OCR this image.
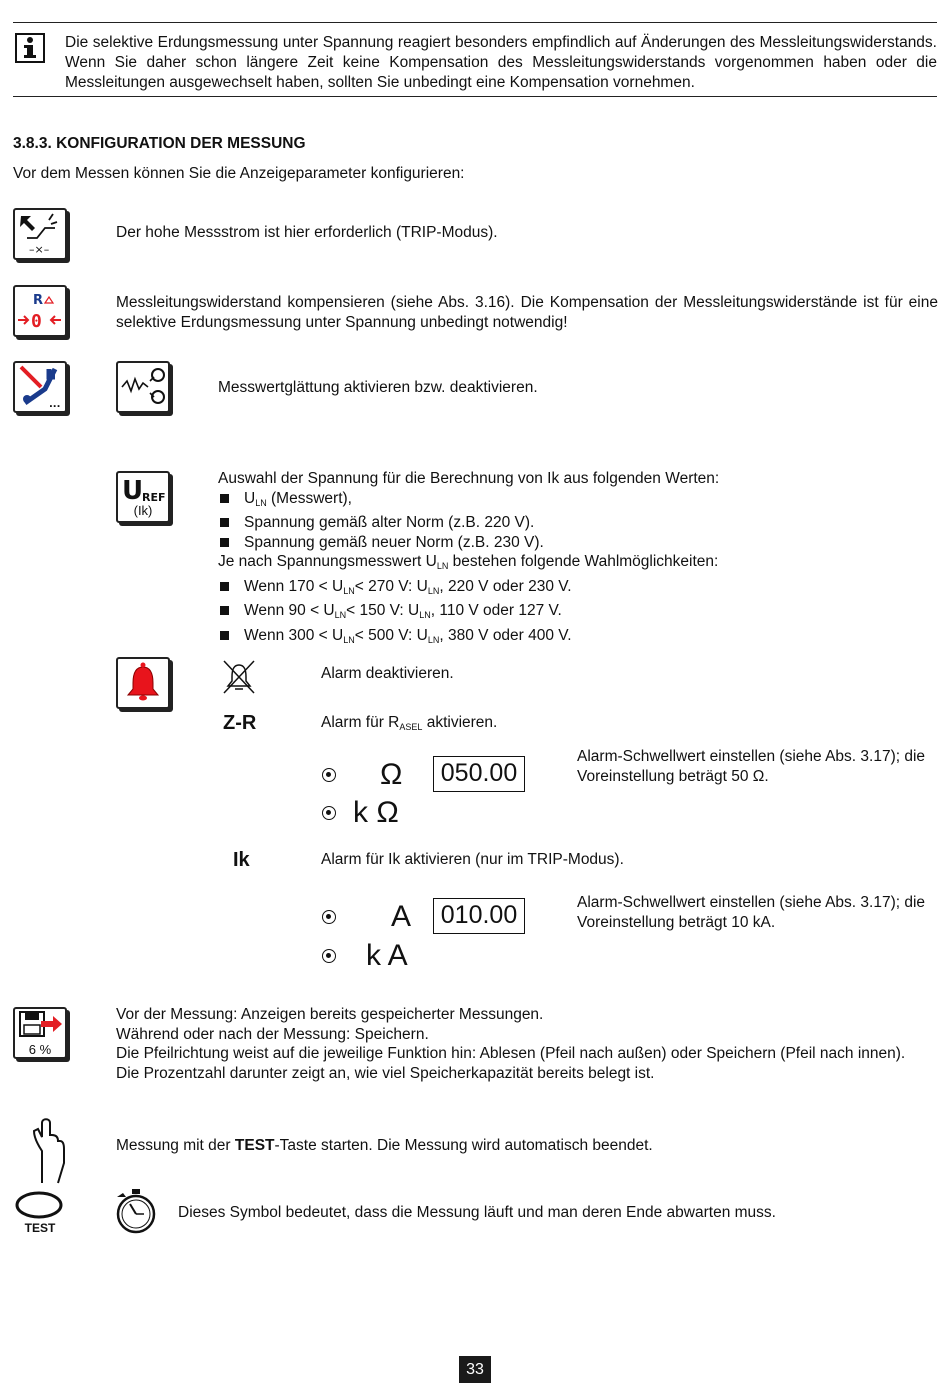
Die selektive Erdungsmessung unter Spannung reagiert besonders empfindlich auf Änderungen des Messleitungswiderstands. Wenn Sie daher schon längere Zeit keine Kompensation des Messleitungswiderstands vorgenommen haben oder die Messleitungen ausgewechselt haben, sollten Sie unbedingt eine Kompensation vornehmen.
3.8.3. KONFIGURATION DER MESSUNG
Vor dem Messen können Sie die Anzeigeparameter konfigurieren:
–×–
Der hohe Messstrom ist hier erforderlich (TRIP-Modus).
R
0
Messleitungswiderstand kompensieren (siehe Abs. 3.16). Die Kompensation der Messleitungswiderstände ist für eine selektive Erdungsmessung unter Spannung unbedingt notwendig!
...
Messwertglättung aktivieren bzw. deaktivieren.
U
REF
(Ik)
Auswahl der Spannung für die Berechnung von Ik aus folgenden Werten:
$U_{LN}$ (Messwert),
Spannung gemäß alter Norm (z.B. 220 V).
Spannung gemäß neuer Norm (z.B. 230 V).
Je nach Spannungsmesswert $U_{LN}$ bestehen folgende Wahlmöglichkeiten:
Wenn $170 < U_{LN}< 270$ V: $U_{LN}$, 220 V oder 230 V.
Wenn $90 < U_{LN}< 150$ V: $U_{LN}$, 110 V oder 127 V.
Wenn $300 < U_{LN}< 500$ V: $U_{LN}$, 380 V oder 400 V.
Alarm deaktivieren.
Z-R	Alarm für $R_{ASEL}$ aktivieren.
Ω	050.00
k Ω
Alarm-Schwellwert einstellen (siehe Abs. 3.17); die Voreinstellung beträgt 50 Ω.
Ik	Alarm für Ik aktivieren (nur im TRIP-Modus).
A	010.00
k A
Alarm-Schwellwert einstellen (siehe Abs. 3.17); die Voreinstellung beträgt 10 kA.
6 %
Vor der Messung: Anzeigen bereits gespeicherter Messungen.
Während oder nach der Messung: Speichern.
Die Pfeilrichtung weist auf die jeweilige Funktion hin: Ablesen (Pfeil nach außen) oder Speichern (Pfeil nach innen).
Die Prozentzahl darunter zeigt an, wie viel Speicherkapazität bereits belegt ist.
TEST
Messung mit der TEST-Taste starten. Die Messung wird automatisch beendet.
Dieses Symbol bedeutet, dass die Messung läuft und man deren Ende abwarten muss.
33
